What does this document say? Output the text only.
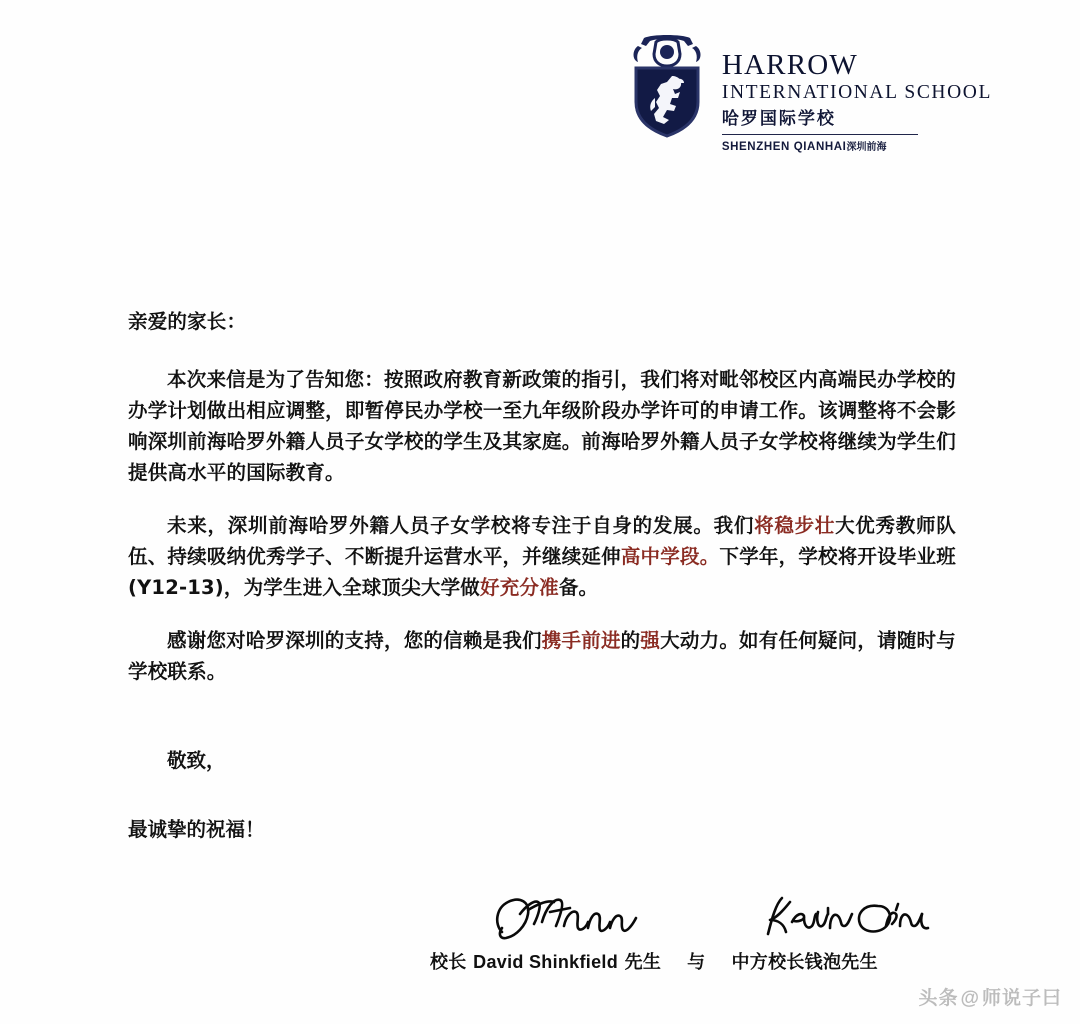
HARROW
INTERNATIONAL SCHOOL
哈罗国际学校
SHENZHEN QIANHAI深圳前海

亲爱的家长：

本次来信是为了告知您：按照政府教育新政策的指引，我们将对毗邻校区内高端民办学校的办学计划做出相应调整，即暂停民办学校一至九年级阶段办学许可的申请工作。该调整将不会影响深圳前海哈罗外籍人员子女学校的学生及其家庭。前海哈罗外籍人员子女学校将继续为学生们提供高水平的国际教育。

未来，深圳前海哈罗外籍人员子女学校将专注于自身的发展。我们将稳步壮大优秀教师队伍、持续吸纳优秀学子、不断提升运营水平，并继续延伸高中学段。下学年，学校将开设毕业班(Y12-13)，为学生进入全球顶尖大学做好充分准备。

感谢您对哈罗深圳的支持，您的信赖是我们携手前进的强大动力。如有任何疑问，请随时与学校联系。

敬致，

最诚挚的祝福！

校长 David Shinkfield 先生 与 中方校长钱泡先生
头条 @ 师说子曰
